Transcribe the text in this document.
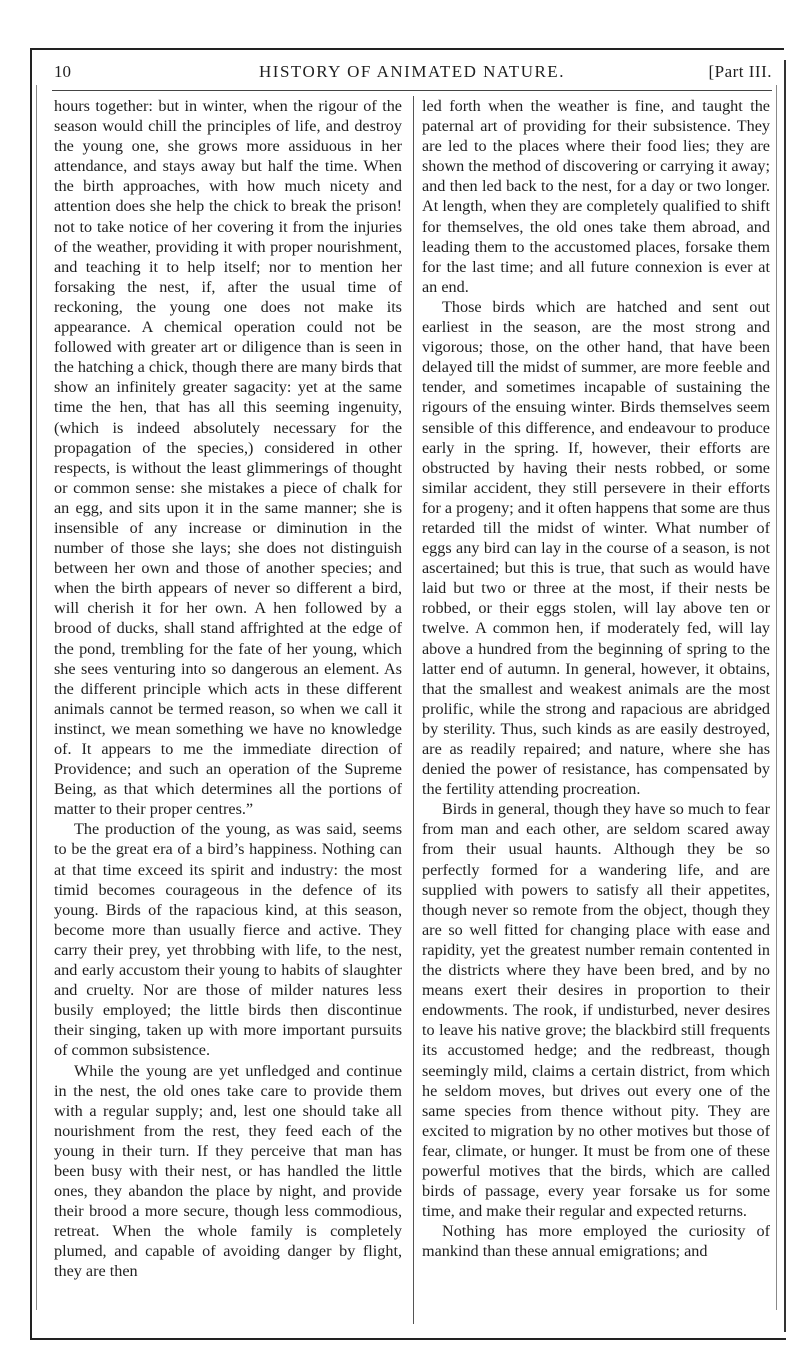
10	HISTORY OF ANIMATED NATURE.	[Part III.

hours together: but in winter, when the rigour of the season would chill the principles of life, and destroy the young one, she grows more assiduous in her attendance, and stays away but half the time. When the birth approaches, with how much nicety and attention does she help the chick to break the prison! not to take notice of her covering it from the injuries of the weather, providing it with proper nourishment, and teaching it to help itself; nor to mention her forsaking the nest, if, after the usual time of reckoning, the young one does not make its appearance. A chemical operation could not be followed with greater art or diligence than is seen in the hatching a chick, though there are many birds that show an infinitely greater sagacity: yet at the same time the hen, that has all this seeming ingenuity, (which is indeed absolutely necessary for the propagation of the species,) considered in other respects, is without the least glimmerings of thought or common sense: she mistakes a piece of chalk for an egg, and sits upon it in the same manner; she is insensible of any increase or diminution in the number of those she lays; she does not distinguish between her own and those of another species; and when the birth appears of never so different a bird, will cherish it for her own. A hen followed by a brood of ducks, shall stand affrighted at the edge of the pond, trembling for the fate of her young, which she sees venturing into so dangerous an element. As the different principle which acts in these different animals cannot be termed reason, so when we call it instinct, we mean something we have no knowledge of. It appears to me the immediate direction of Providence; and such an operation of the Supreme Being, as that which determines all the portions of matter to their proper centres.”

The production of the young, as was said, seems to be the great era of a bird’s happiness. Nothing can at that time exceed its spirit and industry: the most timid becomes courageous in the defence of its young. Birds of the rapacious kind, at this season, become more than usually fierce and active. They carry their prey, yet throbbing with life, to the nest, and early accustom their young to habits of slaughter and cruelty. Nor are those of milder natures less busily employed; the little birds then discontinue their singing, taken up with more important pursuits of common subsistence.

While the young are yet unfledged and continue in the nest, the old ones take care to provide them with a regular supply; and, lest one should take all nourishment from the rest, they feed each of the young in their turn. If they perceive that man has been busy with their nest, or has handled the little ones, they abandon the place by night, and provide their brood a more secure, though less commodious, retreat. When the whole family is completely plumed, and capable of avoiding danger by flight, they are then

led forth when the weather is fine, and taught the paternal art of providing for their subsistence. They are led to the places where their food lies; they are shown the method of discovering or carrying it away; and then led back to the nest, for a day or two longer. At length, when they are completely qualified to shift for themselves, the old ones take them abroad, and leading them to the accustomed places, forsake them for the last time; and all future connexion is ever at an end.

Those birds which are hatched and sent out earliest in the season, are the most strong and vigorous; those, on the other hand, that have been delayed till the midst of summer, are more feeble and tender, and sometimes incapable of sustaining the rigours of the ensuing winter. Birds themselves seem sensible of this difference, and endeavour to produce early in the spring. If, however, their efforts are obstructed by having their nests robbed, or some similar accident, they still persevere in their efforts for a progeny; and it often happens that some are thus retarded till the midst of winter. What number of eggs any bird can lay in the course of a season, is not ascertained; but this is true, that such as would have laid but two or three at the most, if their nests be robbed, or their eggs stolen, will lay above ten or twelve. A common hen, if moderately fed, will lay above a hundred from the beginning of spring to the latter end of autumn. In general, however, it obtains, that the smallest and weakest animals are the most prolific, while the strong and rapacious are abridged by sterility. Thus, such kinds as are easily destroyed, are as readily repaired; and nature, where she has denied the power of resistance, has compensated by the fertility attending procreation.

Birds in general, though they have so much to fear from man and each other, are seldom scared away from their usual haunts. Although they be so perfectly formed for a wandering life, and are supplied with powers to satisfy all their appetites, though never so remote from the object, though they are so well fitted for changing place with ease and rapidity, yet the greatest number remain contented in the districts where they have been bred, and by no means exert their desires in proportion to their endowments. The rook, if undisturbed, never desires to leave his native grove; the blackbird still frequents its accustomed hedge; and the redbreast, though seemingly mild, claims a certain district, from which he seldom moves, but drives out every one of the same species from thence without pity. They are excited to migration by no other motives but those of fear, climate, or hunger. It must be from one of these powerful motives that the birds, which are called birds of passage, every year forsake us for some time, and make their regular and expected returns.

Nothing has more employed the curiosity of mankind than these annual emigrations; and
